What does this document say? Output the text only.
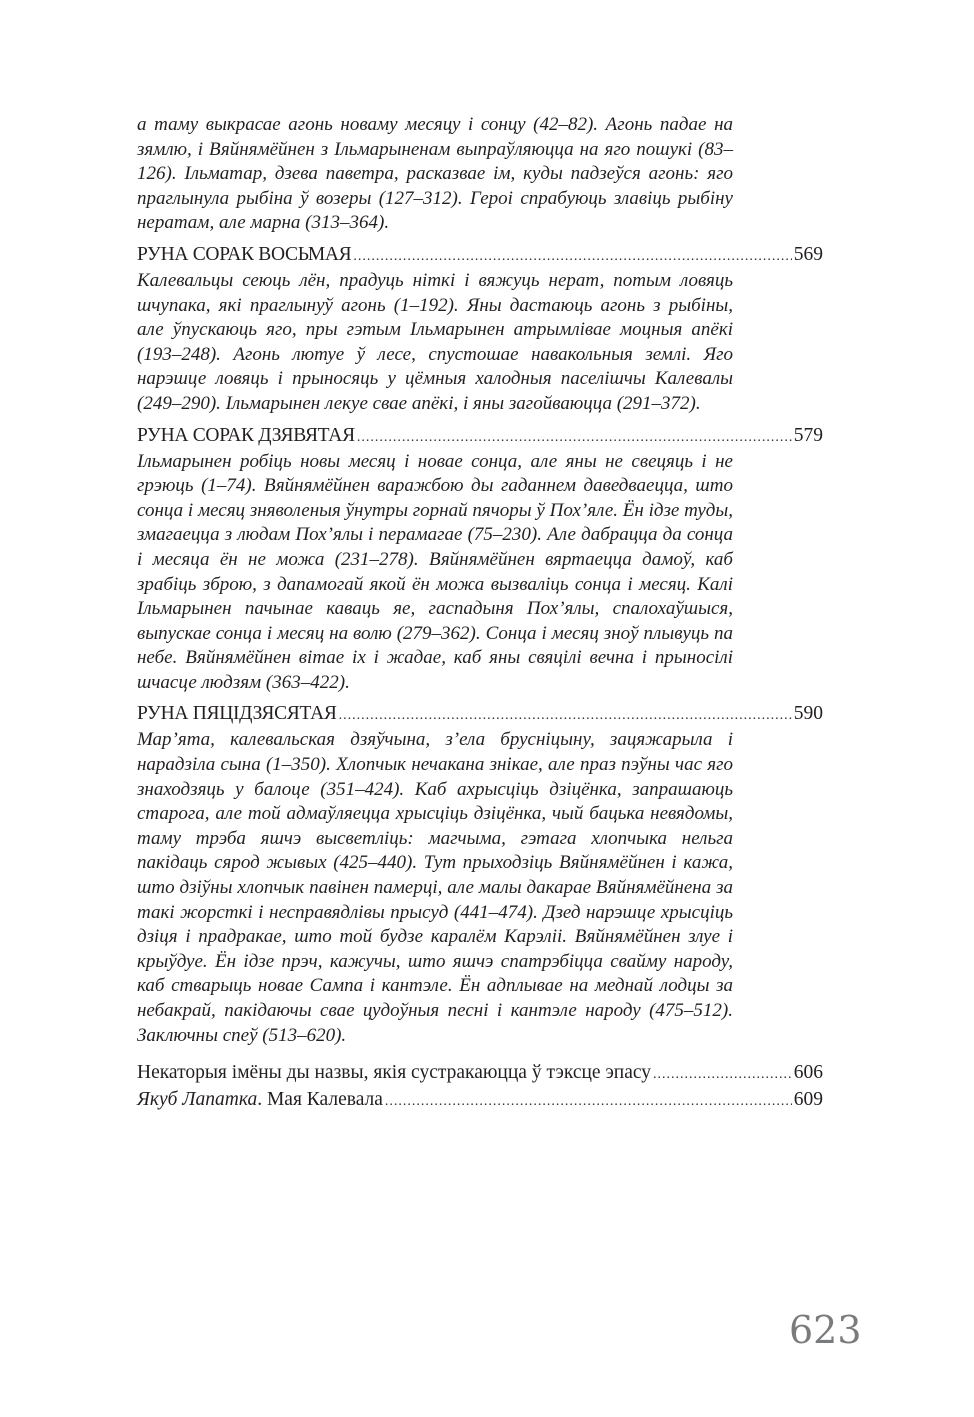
а таму выкрасае агонь новаму месяцу і сонцу (42–82). Агонь падае на зямлю, і Вяйнямёйнен з Ільмарыненам выпраўляюцца на яго пошукі (83–126). Ільматар, дзева паветра, расказвае ім, куды падзеўся агонь: яго праглынула рыбіна ў возеры (127–312). Героі спрабуюць злавіць рыбіну нератам, але марна (313–364).

РУНА СОРАК ВОСЬМАЯ .....	569

Калевальцы сеюць лён, прадуць ніткі і вяжуць нерат, потым ловяць шчупака, які праглынуў агонь (1–192). Яны дастаюць агонь з рыбіны, але ўпускаюць яго, пры гэтым Ільмарынен атрымлівае моцныя апёкі (193–248). Агонь лютуе ў лесе, спустошае навакольныя землі. Яго нарэшце ловяць і прыносяць у цёмныя халодныя паселішчы Калевалы (249–290). Ільмарынен лекуе свае апёкі, і яны загойваюцца (291–372).

РУНА СОРАК ДЗЯВЯТАЯ .....	579

Ільмарынен робіць новы месяц і новае сонца, але яны не свецяць і не грэюць (1–74). Вяйнямёйнен варажбою ды гаданнем даведваецца, што сонца і месяц зняволеныя ўнутры горнай пячоры ў Пох’яле. Ён ідзе туды, змагаецца з людам Пох’ялы і перамагае (75–230). Але дабрацца да сонца і месяца ён не можа (231–278). Вяйнямёйнен вяртаецца дамоў, каб зрабіць зброю, з дапамогай якой ён можа вызваліць сонца і месяц. Калі Ільмарынен пачынае каваць яе, гаспадыня Пох’ялы, спалохаўшыся, выпускае сонца і месяц на волю (279–362). Сонца і месяц зноў плывуць па небе. Вяйнямёйнен вітае іх і жадае, каб яны свяцілі вечна і прыносілі шчасце людзям (363–422).

РУНА ПЯЦІДЗЯСЯТАЯ .....	590

Мар’ята, калевальская дзяўчына, з’ела брусніцыну, зацяжарыла і нарадзіла сына (1–350). Хлопчык нечакана знікае, але праз пэўны час яго знаходзяць у балоце (351–424). Каб ахрысціць дзіцёнка, запрашаюць старога, але той адмаўляецца хрысціць дзіцёнка, чый бацька невядомы, таму трэба яшчэ высветліць: магчыма, гэтага хлопчыка нельга пакідаць сярод жывых (425–440). Тут прыходзіць Вяйнямёйнен і кажа, што дзіўны хлопчык павінен памерці, але малы дакарае Вяйнямёйнена за такі жорсткі і несправядлівы прысуд (441–474). Дзед нарэшце хрысціць дзіця і прадракае, што той будзе каралём Карэліі. Вяйнямёйнен злуе і крыўдуе. Ён ідзе прэч, кажучы, што яшчэ спатрэбіцца свайму народу, каб стварыць новае Сампа і кантэле. Ён адплывае на меднай лодцы за небакрай, пакідаючы свае цудоўныя песні і кантэле народу (475–512). Заключны спеў (513–620).

Некаторыя імёны ды назвы, якія сустракаюцца ў тэксце эпасу .....	606
Якуб Лапатка. Мая Калевала .....	609
623
